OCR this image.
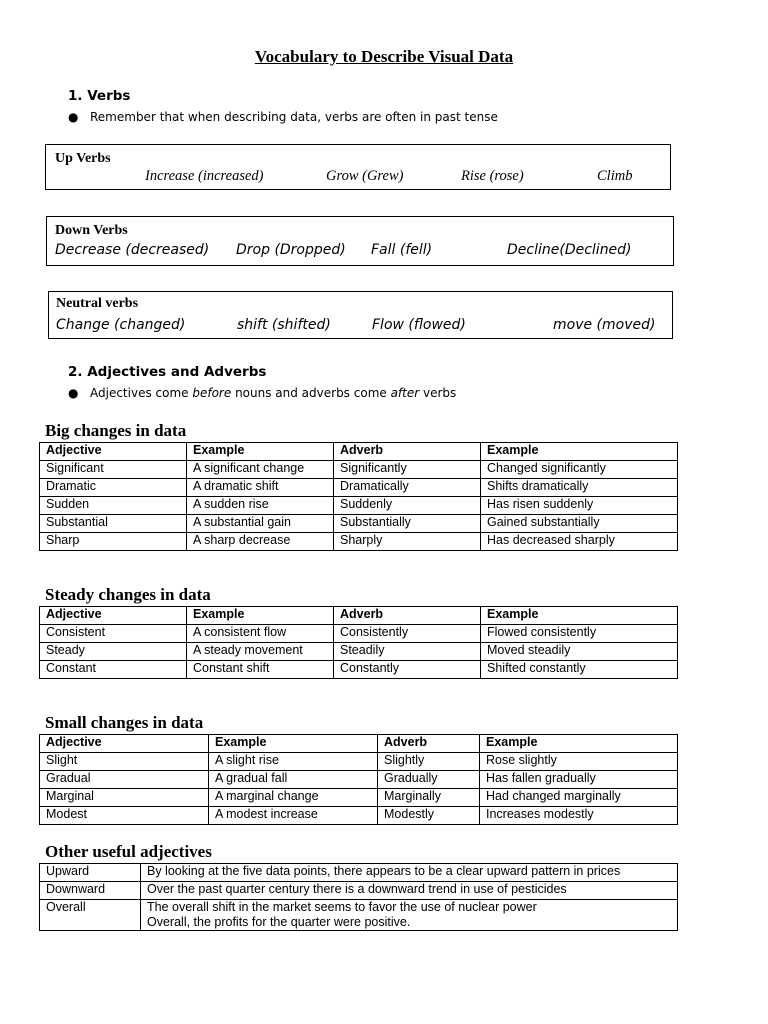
Vocabulary to Describe Visual Data
1. Verbs
● Remember that when describing data, verbs are often in past tense
Up Verbs
Increase (increased)	Grow (Grew)	Rise (rose)	Climb
Down Verbs
Decrease (decreased) Drop (Dropped) Fall (fell)	Decline(Declined)
Neutral verbs
Change (changed)	shift (shifted)	Flow (flowed)	move (moved)
2. Adjectives and Adverbs
● Adjectives come before nouns and adverbs come after verbs
Big changes in data
Adjective	Example	Adverb	Example
Significant	A significant change	Significantly	Changed significantly
Dramatic	A dramatic shift	Dramatically	Shifts dramatically
Sudden	A sudden rise	Suddenly	Has risen suddenly
Substantial	A substantial gain	Substantially	Gained substantially
Sharp	A sharp decrease	Sharply	Has decreased sharply
Steady changes in data
Adjective	Example	Adverb	Example
Consistent	A consistent flow	Consistently	Flowed consistently
Steady	A steady movement	Steadily	Moved steadily
Constant	Constant shift	Constantly	Shifted constantly
Small changes in data
Adjective	Example	Adverb	Example
Slight	A slight rise	Slightly	Rose slightly
Gradual	A gradual fall	Gradually	Has fallen gradually
Marginal	A marginal change	Marginally	Had changed marginally
Modest	A modest increase	Modestly	Increases modestly
Other useful adjectives
Upward	By looking at the five data points, there appears to be a clear upward pattern in prices
Downward	Over the past quarter century there is a downward trend in use of pesticides
Overall	The overall shift in the market seems to favor the use of nuclear power
Overall, the profits for the quarter were positive.
